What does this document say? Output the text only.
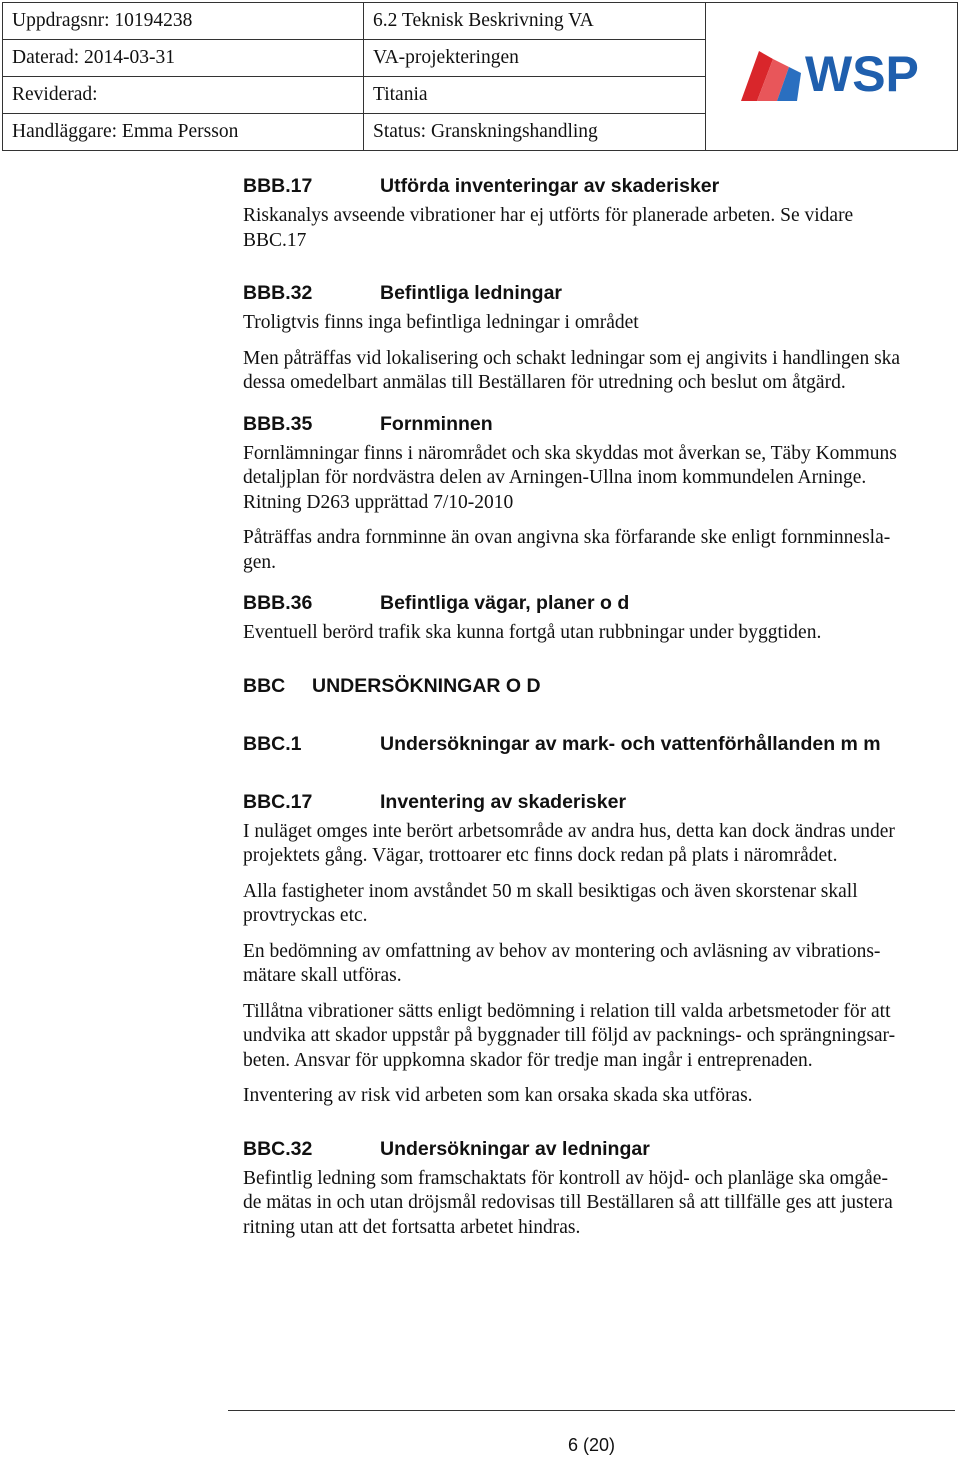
Uppdragsnr: 10194238	6.2 Teknisk Beskrivning VA	WSP

Daterad: 2014-03-31	VA-projekteringen	
Reviderad:	Titania	
Handläggare: Emma Persson	Status: Granskningshandling	
BBB.17	Utförda inventeringar av skaderisker

Riskanalys avseende vibrationer har ej utförts för planerade arbeten. Se vidare
BBC.17

BBB.32	Befintliga ledningar

Troligtvis finns inga befintliga ledningar i området

Men påträffas vid lokalisering och schakt ledningar som ej angivits i handlingen ska
dessa omedelbart anmälas till Beställaren för utredning och beslut om åtgärd.

BBB.35	Fornminnen

Fornlämningar finns i närområdet och ska skyddas mot åverkan se, Täby Kommuns
detaljplan för nordvästra delen av Arningen-Ullna inom kommundelen Arninge.
Ritning D263 upprättad 7/10-2010

Påträffas andra fornminne än ovan angivna ska förfarande ske enligt fornminnesla-
gen.

BBB.36	Befintliga vägar, planer o d

Eventuell berörd trafik ska kunna fortgå utan rubbningar under byggtiden.

BBC	UNDERSÖKNINGAR O D
BBC.1	Undersökningar av mark- och vattenförhållanden m m
BBC.17	Inventering av skaderisker

I nuläget omges inte berört arbetsområde av andra hus, detta kan dock ändras under
projektets gång. Vägar, trottoarer etc finns dock redan på plats i närområdet.

Alla fastigheter inom avståndet 50 m skall besiktigas och även skorstenar skall
provtryckas etc.

En bedömning av omfattning av behov av montering och avläsning av vibrations-
mätare skall utföras.

Tillåtna vibrationer sätts enligt bedömning i relation till valda arbetsmetoder för att
undvika att skador uppstår på byggnader till följd av packnings- och sprängningsar-
beten. Ansvar för uppkomna skador för tredje man ingår i entreprenaden.

Inventering av risk vid arbeten som kan orsaka skada ska utföras.

BBC.32	Undersökningar av ledningar

Befintlig ledning som framschaktats för kontroll av höjd- och planläge ska omgåe-
de mätas in och utan dröjsmål redovisas till Beställaren så att tillfälle ges att justera
ritning utan att det fortsatta arbetet hindras.

6 (20)
